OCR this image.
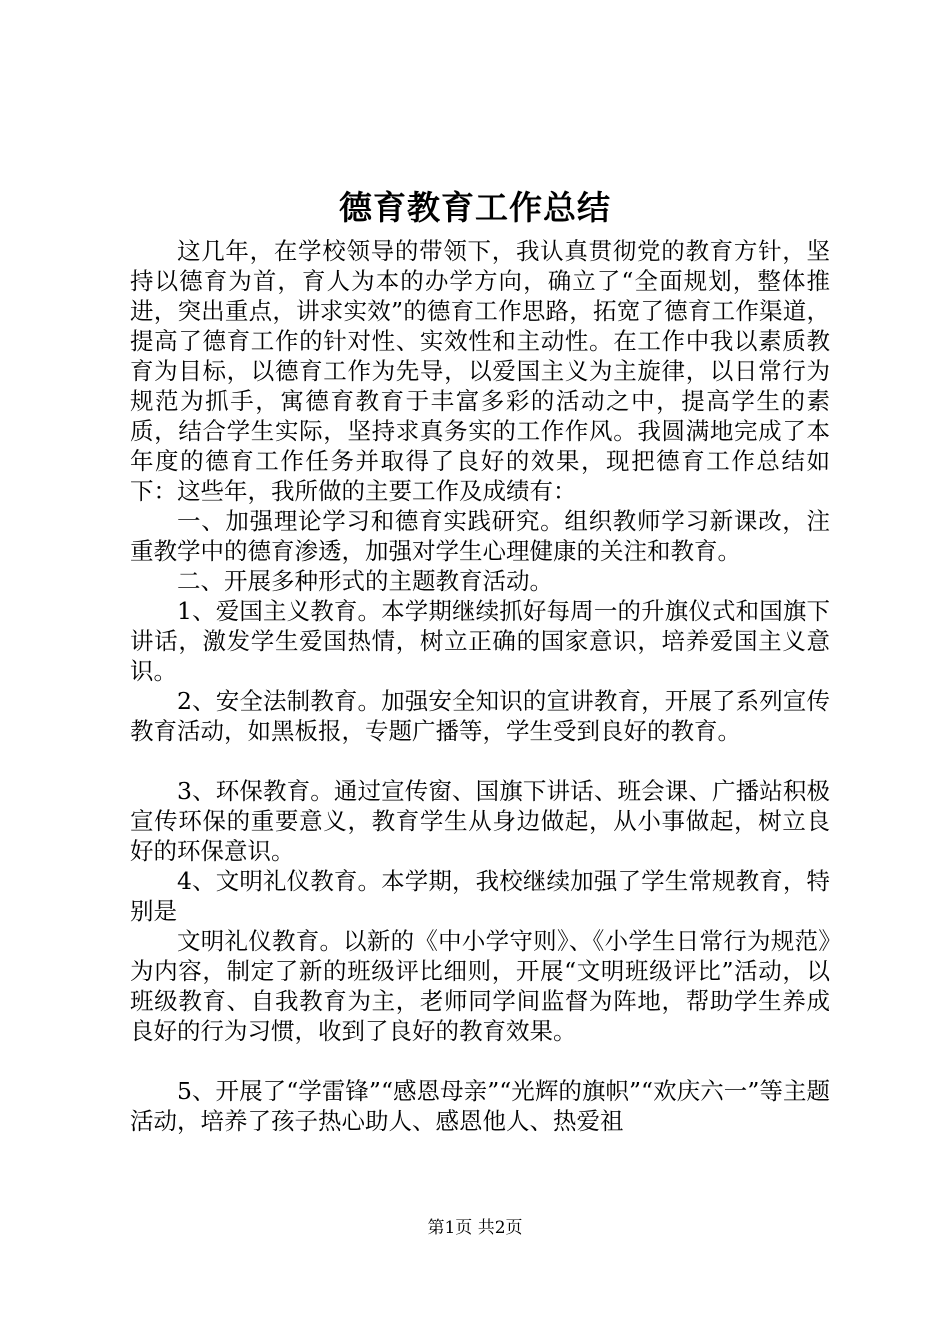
德育教育工作总结

这几年，在学校领导的带领下，我认真贯彻党的教育方针，坚持以德育为首，育人为本的办学方向，确立了“全面规划，整体推进，突出重点，讲求实效”的德育工作思路，拓宽了德育工作渠道，提高了德育工作的针对性、实效性和主动性。在工作中我以素质教育为目标，以德育工作为先导，以爱国主义为主旋律，以日常行为规范为抓手，寓德育教育于丰富多彩的活动之中，提高学生的素质，结合学生实际，坚持求真务实的工作作风。我圆满地完成了本年度的德育工作任务并取得了良好的效果，现把德育工作总结如下：这些年，我所做的主要工作及成绩有：

一、加强理论学习和德育实践研究。组织教师学习新课改，注重教学中的德育渗透，加强对学生心理健康的关注和教育。

二、开展多种形式的主题教育活动。

1、爱国主义教育。本学期继续抓好每周一的升旗仪式和国旗下讲话，激发学生爱国热情，树立正确的国家意识，培养爱国主义意识。

2、安全法制教育。加强安全知识的宣讲教育，开展了系列宣传教育活动，如黑板报，专题广播等，学生受到良好的教育。

3、环保教育。通过宣传窗、国旗下讲话、班会课、广播站积极宣传环保的重要意义，教育学生从身边做起，从小事做起，树立良好的环保意识。

4、文明礼仪教育。本学期，我校继续加强了学生常规教育，特别是

文明礼仪教育。以新的《中小学守则》、《小学生日常行为规范》为内容，制定了新的班级评比细则，开展“文明班级评比”活动，以班级教育、自我教育为主，老师同学间监督为阵地，帮助学生养成良好的行为习惯，收到了良好的教育效果。

5、开展了“学雷锋”“感恩母亲”“光辉的旗帜”“欢庆六一”等主题活动，培养了孩子热心助人、感恩他人、热爱祖

第1页 共2页
